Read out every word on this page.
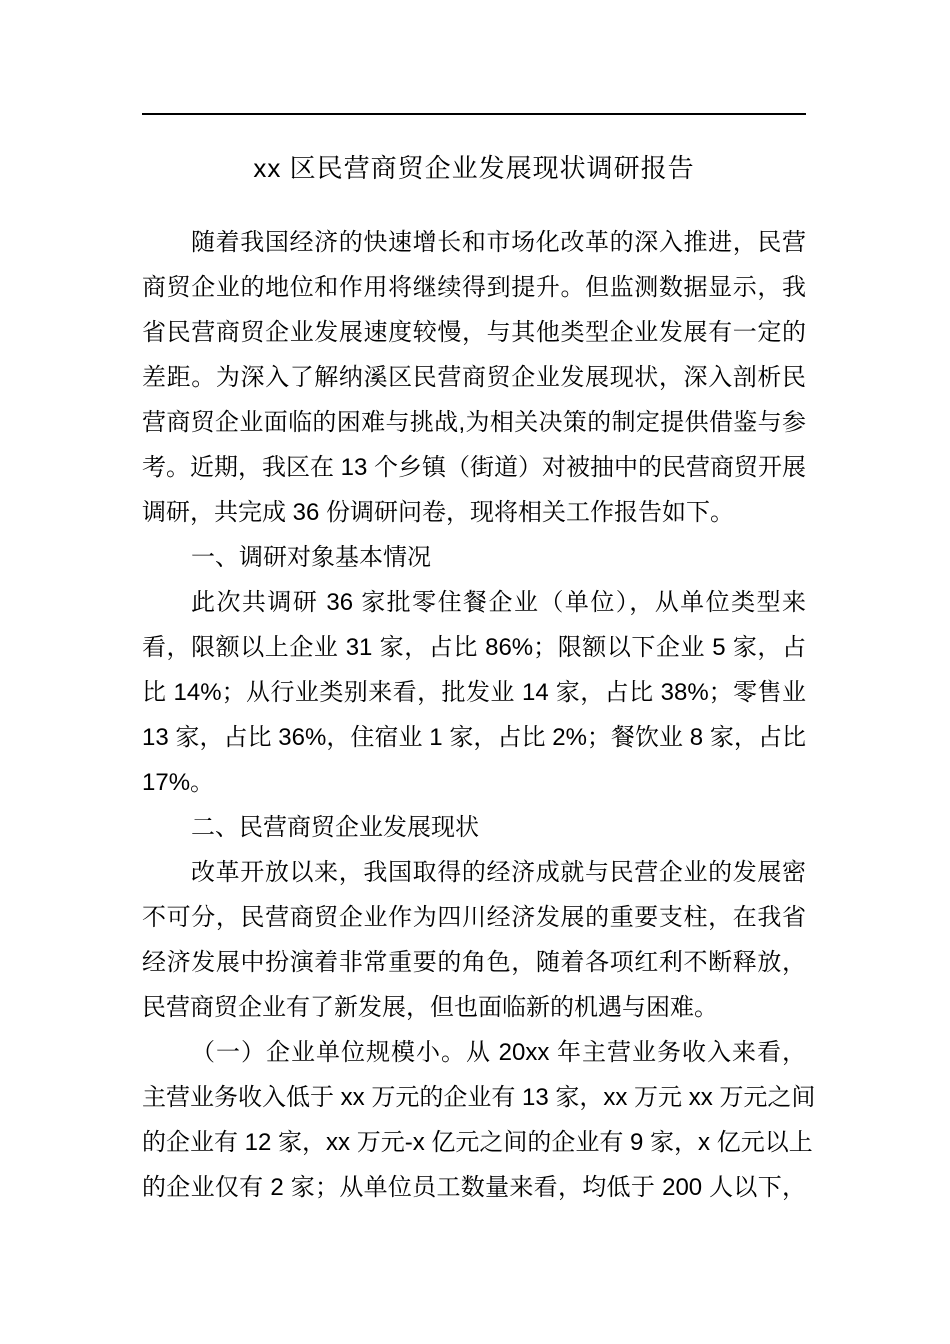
xx 区民营商贸企业发展现状调研报告
随着我国经济的快速增长和市场化改革的深入推进，民营
商贸企业的地位和作用将继续得到提升。但监测数据显示，我
省民营商贸企业发展速度较慢，与其他类型企业发展有一定的
差距。为深入了解纳溪区民营商贸企业发展现状，深入剖析民
营商贸企业面临的困难与挑战,为相关决策的制定提供借鉴与参
考。近期，我区在 13 个乡镇（街道）对被抽中的民营商贸开展
调研，共完成 36 份调研问卷，现将相关工作报告如下。
一、调研对象基本情况
此次共调研 36 家批零住餐企业（单位），从单位类型来
看，限额以上企业 31 家，占比 86%；限额以下企业 5 家，占
比 14%；从行业类别来看，批发业 14 家，占比 38%；零售业
13 家，占比 36%，住宿业 1 家，占比 2%；餐饮业 8 家，占比
17%。
二、民营商贸企业发展现状
改革开放以来，我国取得的经济成就与民营企业的发展密
不可分，民营商贸企业作为四川经济发展的重要支柱，在我省
经济发展中扮演着非常重要的角色，随着各项红利不断释放，
民营商贸企业有了新发展，但也面临新的机遇与困难。
（一）企业单位规模小。从 20xx 年主营业务收入来看，
主营业务收入低于 xx 万元的企业有 13 家，xx 万元 xx 万元之间
的企业有 12 家，xx 万元-x 亿元之间的企业有 9 家，x 亿元以上
的企业仅有 2 家；从单位员工数量来看，均低于 200 人以下，
